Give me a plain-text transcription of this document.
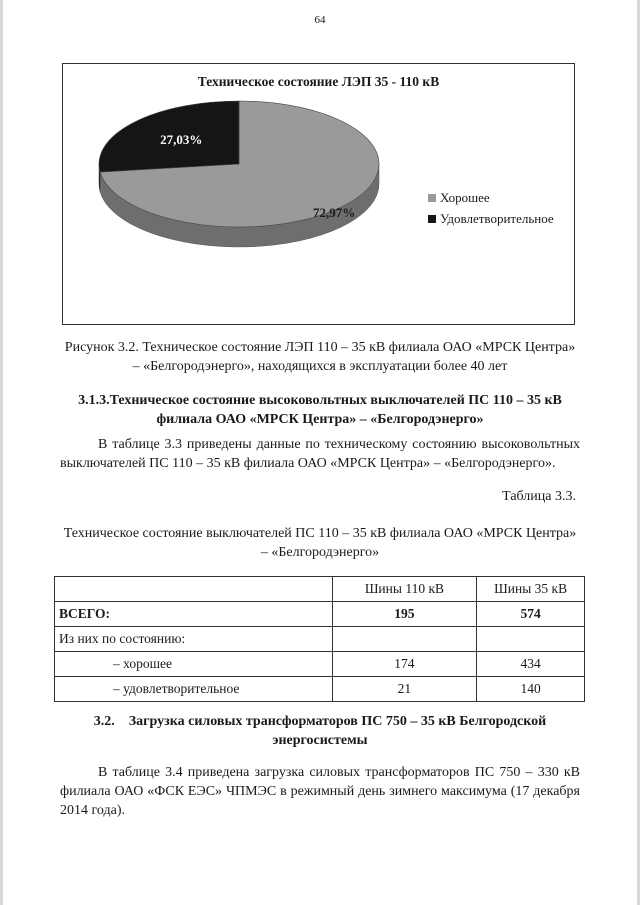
64
Техническое состояние ЛЭП 35 - 110 кВ
72,97%
27,03%
Хорошее
Удовлетворительное
Рисунок 3.2. Техническое состояние ЛЭП 110 – 35 кВ филиала ОАО «МРСК Центра» – «Белгородэнерго», находящихся в эксплуатации более 40 лет
3.1.3.Техническое состояние высоковольтных выключателей ПС 110 – 35 кВ
филиала ОАО «МРСК Центра» – «Белгородэнерго»
В таблице 3.3 приведены данные по техническому состоянию высоковольтных выключателей ПС 110 – 35 кВ филиала ОАО «МРСК Центра» – «Белгородэнерго».
Таблица 3.3.
Техническое состояние выключателей ПС 110 – 35 кВ филиала ОАО «МРСК Центра» – «Белгородэнерго»
	Шины 110 кВ	Шины 35 кВ
ВСЕГО:	195	574
Из них по состоянию:		
– хорошее	174	434
– удовлетворительное	21	140
3.2.    Загрузка силовых трансформаторов ПС 750 – 35 кВ Белгородской
энергосистемы
В таблице 3.4 приведена загрузка силовых трансформаторов ПС 750 – 330 кВ филиала ОАО «ФСК ЕЭС» ЧПМЭС в режимный день зимнего максимума (17 декабря 2014 года).
